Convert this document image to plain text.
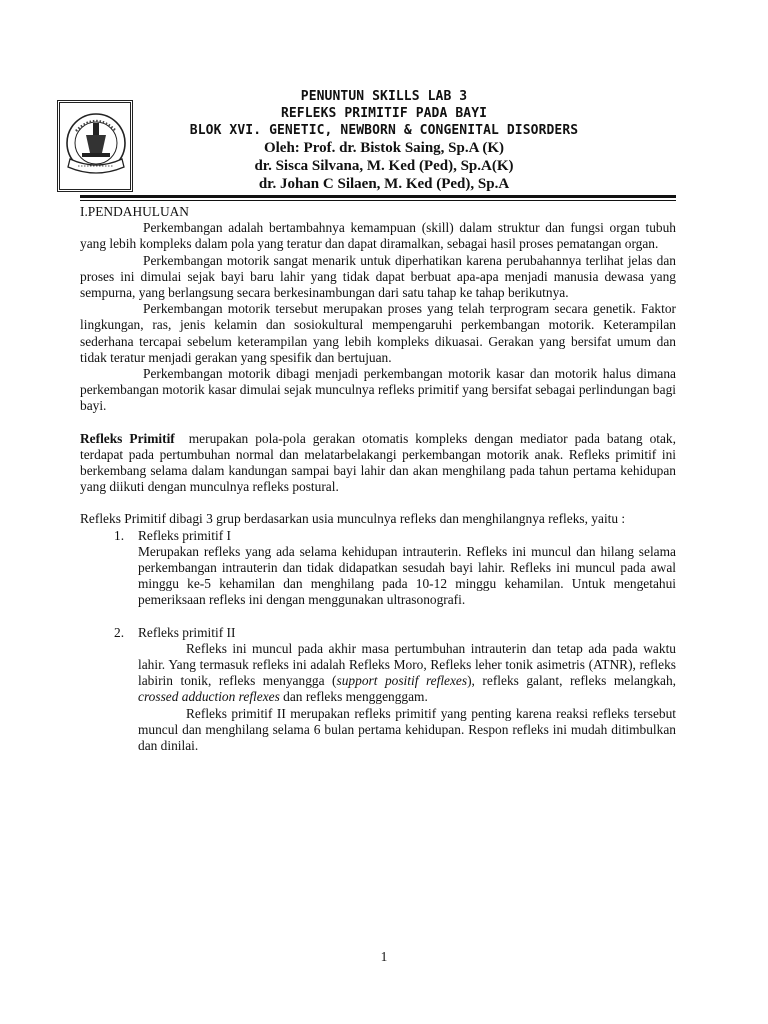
PENUNTUN SKILLS LAB 3
REFLEKS PRIMITIF PADA BAYI
BLOK XVI. GENETIC, NEWBORN & CONGENITAL DISORDERS
Oleh: Prof. dr. Bistok Saing, Sp.A (K)
dr. Sisca Silvana, M. Ked (Ped), Sp.A(K)
dr. Johan C Silaen, M. Ked (Ped), Sp.A

I.PENDAHULUAN

Perkembangan adalah bertambahnya kemampuan (skill) dalam struktur dan fungsi organ tubuh yang lebih kompleks dalam pola yang teratur dan dapat diramalkan, sebagai hasil proses pematangan organ.

Perkembangan motorik sangat menarik untuk diperhatikan karena perubahannya terlihat jelas dan proses ini dimulai sejak bayi baru lahir yang tidak dapat berbuat apa-apa menjadi manusia dewasa yang sempurna, yang berlangsung secara berkesinambungan dari satu tahap ke tahap berikutnya.

Perkembangan motorik tersebut merupakan proses yang telah terprogram secara genetik. Faktor lingkungan, ras, jenis kelamin dan sosiokultural mempengaruhi perkembangan motorik. Keterampilan sederhana tercapai sebelum keterampilan yang lebih kompleks dikuasai. Gerakan yang bersifat umum dan tidak teratur menjadi gerakan yang spesifik dan bertujuan.

Perkembangan motorik dibagi menjadi perkembangan motorik kasar dan motorik halus dimana perkembangan motorik kasar dimulai sejak munculnya refleks primitif yang bersifat sebagai perlindungan bagi bayi.

Refleks Primitif  merupakan pola-pola gerakan otomatis kompleks dengan mediator pada batang otak, terdapat pada pertumbuhan normal dan melatarbelakangi perkembangan motorik anak. Refleks primitif ini berkembang selama dalam kandungan sampai bayi lahir dan akan menghilang pada tahun pertama kehidupan yang diikuti dengan munculnya refleks postural.

Refleks Primitif dibagi 3 grup berdasarkan usia munculnya refleks dan menghilangnya refleks, yaitu :

1. Refleks primitif I

Merupakan refleks yang ada selama kehidupan intrauterin. Refleks ini muncul dan hilang selama perkembangan intrauterin dan tidak didapatkan sesudah bayi lahir. Refleks ini muncul pada awal minggu ke-5 kehamilan dan menghilang pada 10-12 minggu kehamilan. Untuk mengetahui pemeriksaan refleks ini dengan menggunakan ultrasonografi.

2. Refleks primitif II

Refleks ini muncul pada akhir masa pertumbuhan intrauterin dan tetap ada pada waktu lahir. Yang termasuk refleks ini adalah Refleks Moro, Refleks leher tonik asimetris (ATNR), refleks labirin tonik, refleks menyangga (support positif reflexes), refleks galant, refleks melangkah, crossed adduction reflexes dan refleks menggenggam.

Refleks primitif II merupakan refleks primitif yang penting karena reaksi refleks tersebut muncul dan menghilang selama 6 bulan pertama kehidupan. Respon refleks ini mudah ditimbulkan dan dinilai.

1
